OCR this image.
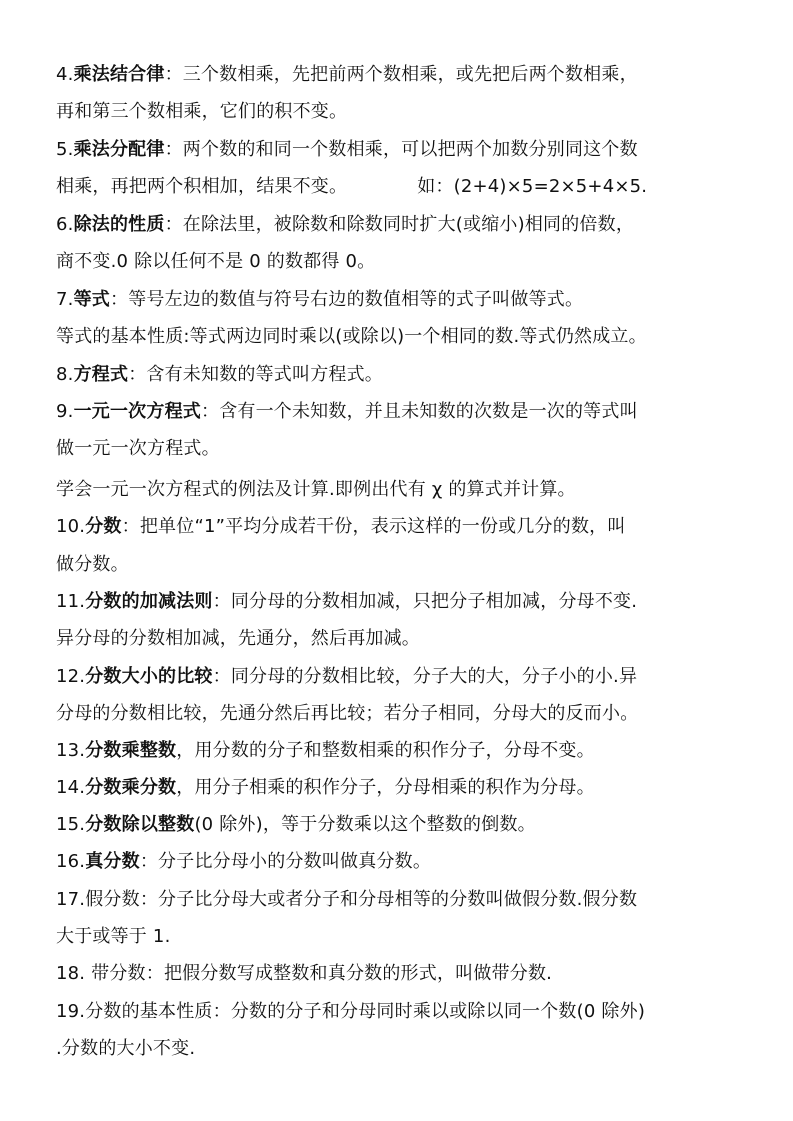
4.乘法结合律：三个数相乘，先把前两个数相乘，或先把后两个数相乘，
再和第三个数相乘，它们的积不变。
5.乘法分配律：两个数的和同一个数相乘，可以把两个加数分别同这个数
相乘，再把两个积相加，结果不变。	如：(2+4)×5=2×5+4×5.
6.除法的性质：在除法里，被除数和除数同时扩大(或缩小)相同的倍数，
商不变.0 除以任何不是 0 的数都得 0。
7.等式：等号左边的数值与符号右边的数值相等的式子叫做等式。
等式的基本性质:等式两边同时乘以(或除以)一个相同的数.等式仍然成立。
8.方程式：含有未知数的等式叫方程式。
9.一元一次方程式：含有一个未知数，并且未知数的次数是一次的等式叫
做一元一次方程式。
学会一元一次方程式的例法及计算.即例出代有 χ 的算式并计算。
10.分数：把单位“1”平均分成若干份，表示这样的一份或几分的数，叫
做分数。
11.分数的加减法则：同分母的分数相加减，只把分子相加减，分母不变.
异分母的分数相加减，先通分，然后再加减。
12.分数大小的比较：同分母的分数相比较，分子大的大，分子小的小.异
分母的分数相比较，先通分然后再比较；若分子相同，分母大的反而小。
13.分数乘整数，用分数的分子和整数相乘的积作分子，分母不变。
14.分数乘分数，用分子相乘的积作分子，分母相乘的积作为分母。
15.分数除以整数(0 除外)，等于分数乘以这个整数的倒数。
16.真分数：分子比分母小的分数叫做真分数。
17.假分数：分子比分母大或者分子和分母相等的分数叫做假分数.假分数
大于或等于 1.
18. 带分数：把假分数写成整数和真分数的形式，叫做带分数.
19.分数的基本性质：分数的分子和分母同时乘以或除以同一个数(0 除外)
.分数的大小不变.
